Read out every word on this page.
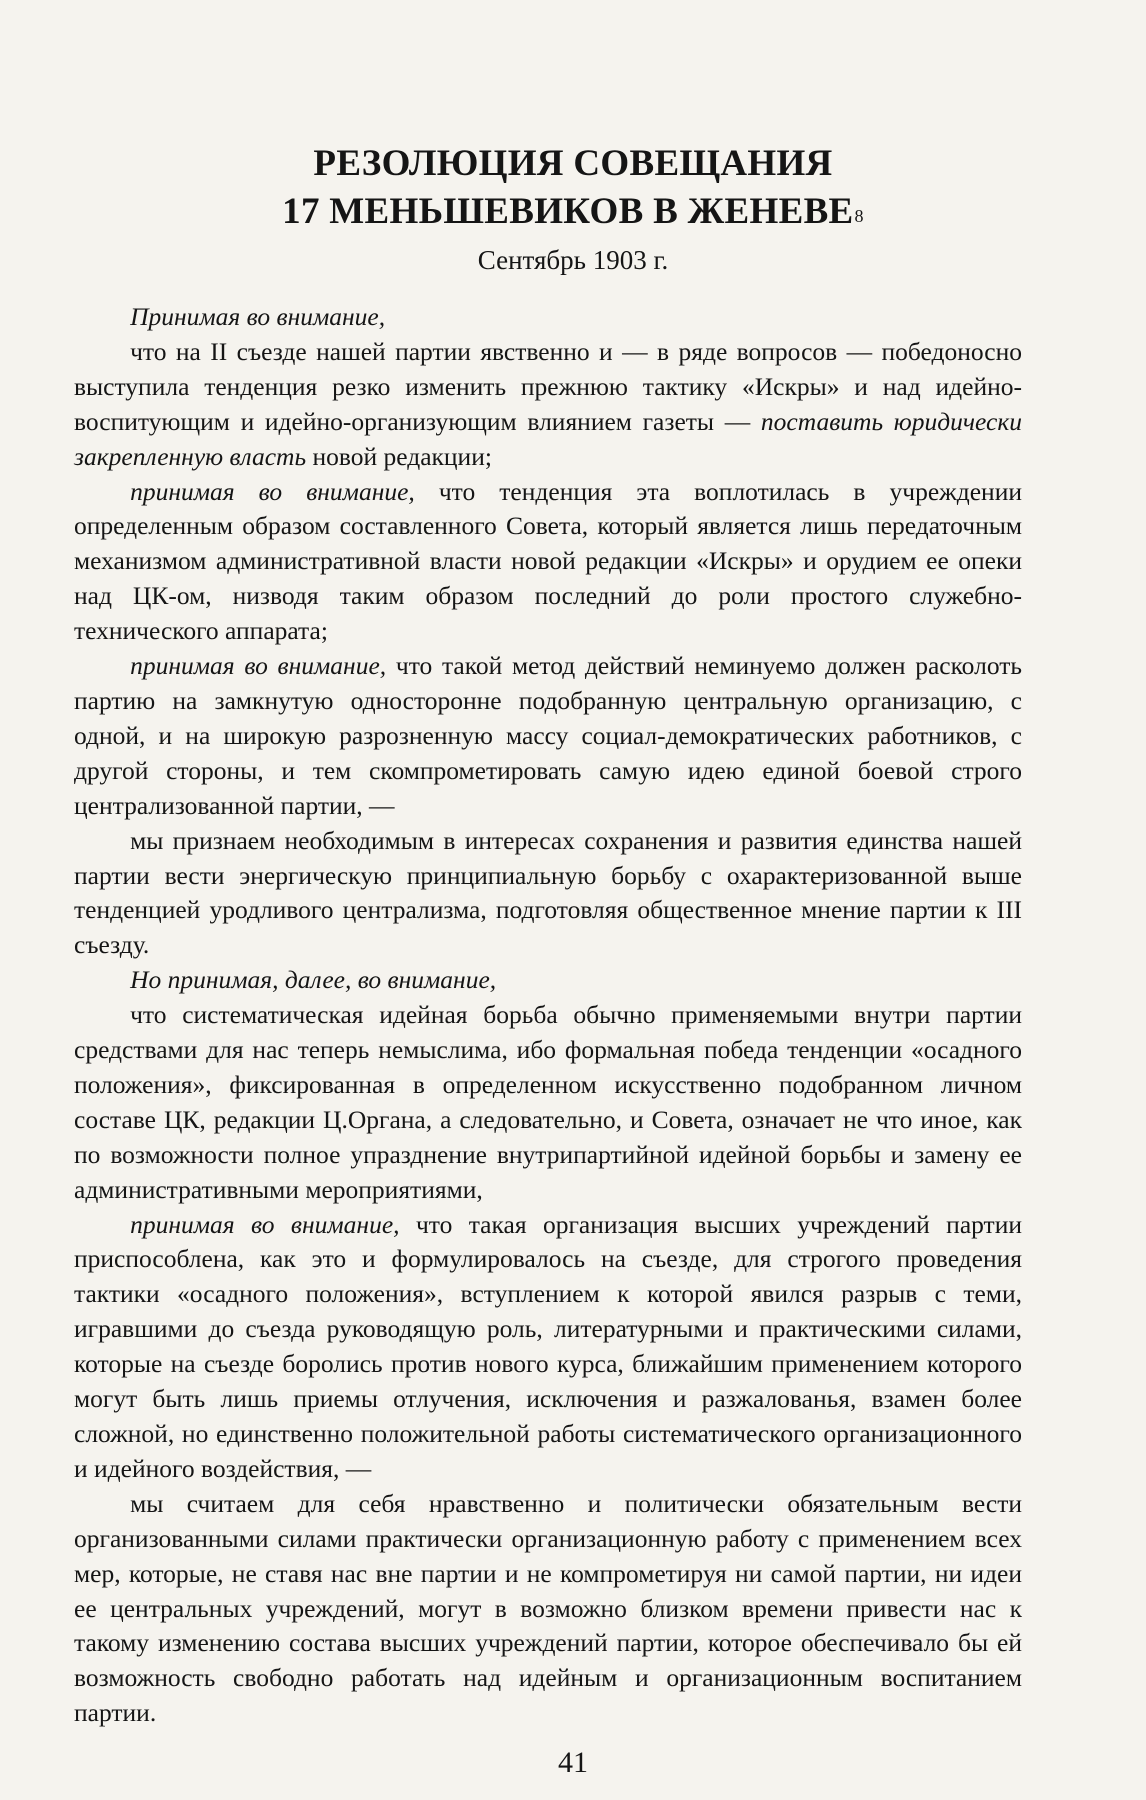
РЕЗОЛЮЦИЯ СОВЕЩАНИЯ
17 МЕНЬШЕВИКОВ В ЖЕНЕВЕ$^8$
Сентябрь 1903 г.

Принимая во внимание,

что на II съезде нашей партии явственно и — в ряде вопросов — победоносно выступила тенденция резко изменить прежнюю тактику «Искры» и над идейно-воспитующим и идейно-организующим влиянием газеты — поставить юридически закрепленную власть новой редакции;

принимая во внимание, что тенденция эта воплотилась в учреждении определенным образом составленного Совета, который является лишь передаточным механизмом административной власти новой редакции «Искры» и орудием ее опеки над ЦК-ом, низводя таким образом последний до роли простого служебно-технического аппарата;

принимая во внимание, что такой метод действий неминуемо должен расколоть партию на замкнутую односторонне подобранную центральную организацию, с одной, и на широкую разрозненную массу социал-демократических работников, с другой стороны, и тем скомпрометировать самую идею единой боевой строго централизованной партии, —

мы признаем необходимым в интересах сохранения и развития единства нашей партии вести энергическую принципиальную борьбу с охарактеризованной выше тенденцией уродливого централизма, подготовляя общественное мнение партии к III съезду.

Но принимая, далее, во внимание,

что систематическая идейная борьба обычно применяемыми внутри партии средствами для нас теперь немыслима, ибо формальная победа тенденции «осадного положения», фиксированная в определенном искусственно подобранном личном составе ЦК, редакции Ц.Органа, а следовательно, и Совета, означает не что иное, как по возможности полное упразднение внутрипартийной идейной борьбы и замену ее административными мероприятиями,

принимая во внимание, что такая организация высших учреждений партии приспособлена, как это и формулировалось на съезде, для строгого проведения тактики «осадного положения», вступлением к которой явился разрыв с теми, игравшими до съезда руководящую роль, литературными и практическими силами, которые на съезде боролись против нового курса, ближайшим применением которого могут быть лишь приемы отлучения, исключения и разжалованья, взамен более сложной, но единственно положительной работы систематического организационного и идейного воздействия, —

мы считаем для себя нравственно и политически обязательным вести организованными силами практически организационную работу с применением всех мер, которые, не ставя нас вне партии и не компрометируя ни самой партии, ни идеи ее центральных учреждений, могут в возможно близком времени привести нас к такому изменению состава высших учреждений партии, которое обеспечивало бы ей возможность свободно работать над идейным и организационным воспитанием партии.

41
